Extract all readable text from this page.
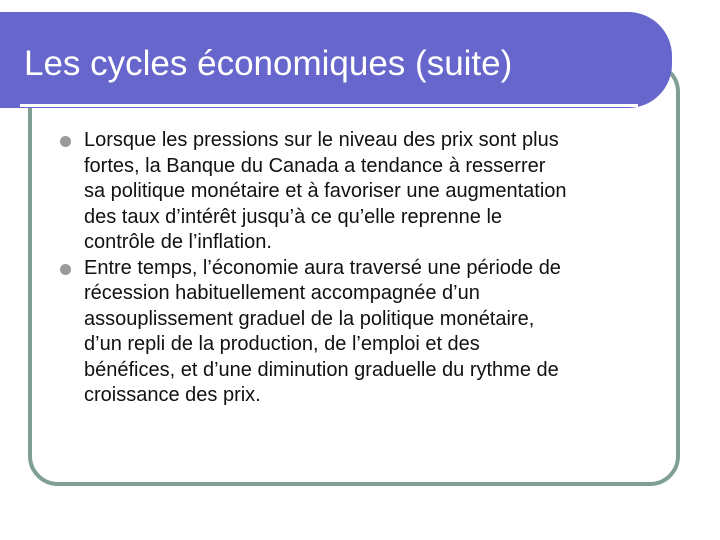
Les cycles économiques (suite)
Lorsque les pressions sur le niveau des prix sont plus
fortes, la Banque du Canada a tendance à resserrer
sa politique monétaire et à favoriser une augmentation
des taux d’intérêt jusqu’à ce qu’elle reprenne le
contrôle de l’inflation.
Entre temps, l’économie aura traversé une période de
récession habituellement accompagnée d’un
assouplissement graduel de la politique monétaire,
d’un repli de la production, de l’emploi et des
bénéfices, et d’une diminution graduelle du rythme de
croissance des prix.
